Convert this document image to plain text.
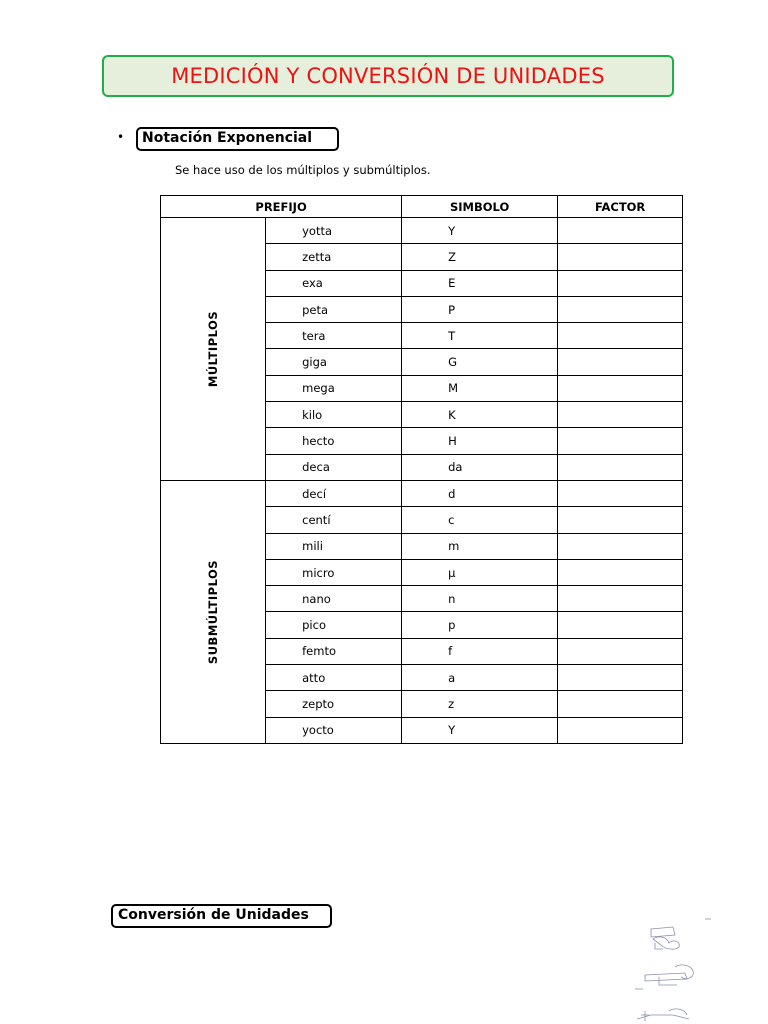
MEDICIÓN Y CONVERSIÓN DE UNIDADES
•	Notación Exponencial
Se hace uso de los múltiplos y submúltiplos.
PREFIJO		SIMBOLO	FACTOR
MÚLTIPLOS	yotta	Y	
	zetta	Z	
	exa	E	
	peta	P	
	tera	T	
	giga	G	
	mega	M	
	kilo	K	
	hecto	H	
	deca	da	
SUBMÚLTIPLOS	decí	d	
	centí	c	
	mili	m	
	micro	µ	
	nano	n	
	pico	p	
	femto	f	
	atto	a	
	zepto	z	
	yocto	Y	
Conversión de Unidades
